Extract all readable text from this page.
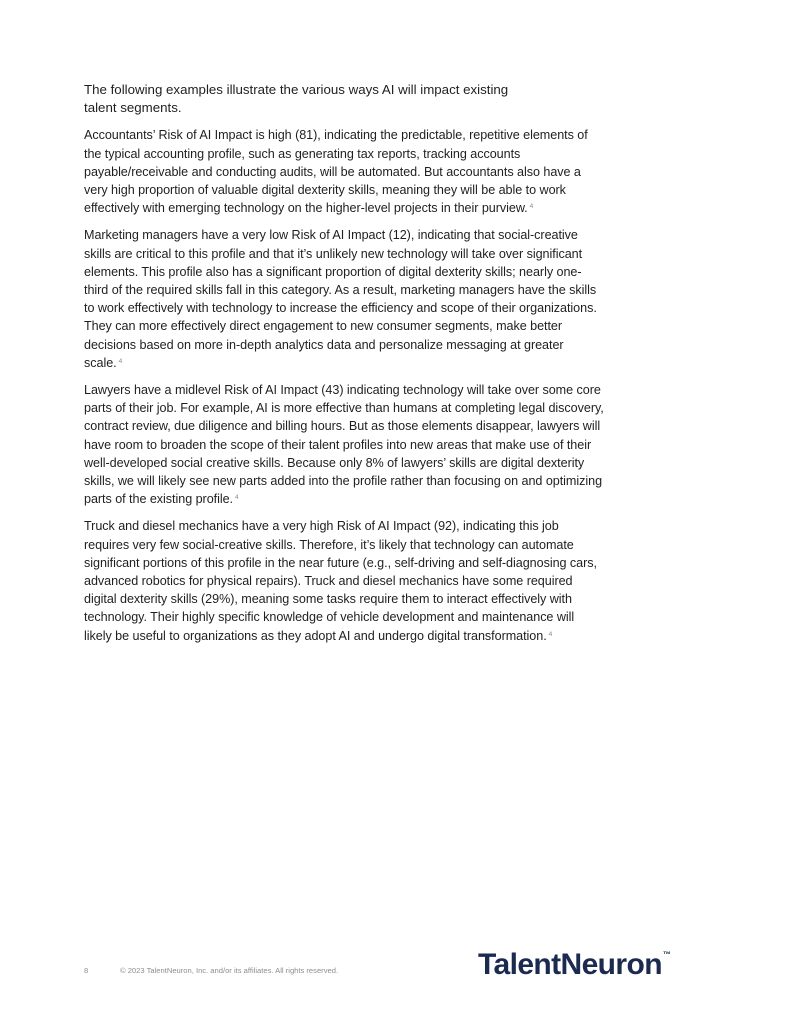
The following examples illustrate the various ways AI will impact existing talent segments.

Accountants’ Risk of AI Impact is high (81), indicating the predictable, repetitive elements of the typical accounting profile, such as generating tax reports, tracking accounts payable/receivable and conducting audits, will be automated. But accountants also have a very high proportion of valuable digital dexterity skills, meaning they will be able to work effectively with emerging technology on the higher-level projects in their purview. $^4$

Marketing managers have a very low Risk of AI Impact (12), indicating that social-creative skills are critical to this profile and that it’s unlikely new technology will take over significant elements. This profile also has a significant proportion of digital dexterity skills; nearly one-third of the required skills fall in this category. As a result, marketing managers have the skills to work effectively with technology to increase the efficiency and scope of their organizations. They can more effectively direct engagement to new consumer segments, make better decisions based on more in-depth analytics data and personalize messaging at greater scale. $^4$

Lawyers have a midlevel Risk of AI Impact (43) indicating technology will take over some core parts of their job. For example, AI is more effective than humans at completing legal discovery, contract review, due diligence and billing hours. But as those elements disappear, lawyers will have room to broaden the scope of their talent profiles into new areas that make use of their well-developed social creative skills. Because only 8% of lawyers’ skills are digital dexterity skills, we will likely see new parts added into the profile rather than focusing on and optimizing parts of the existing profile. $^4$

Truck and diesel mechanics have a very high Risk of AI Impact (92), indicating this job requires very few social-creative skills. Therefore, it’s likely that technology can automate significant portions of this profile in the near future (e.g., self-driving and self-diagnosing cars, advanced robotics for physical repairs). Truck and diesel mechanics have some required digital dexterity skills (29%), meaning some tasks require them to interact effectively with technology. Their highly specific knowledge of vehicle development and maintenance will likely be useful to organizations as they adopt AI and undergo digital transformation. $^4$

8	© 2023 TalentNeuron, Inc. and/or its affiliates. All rights reserved.	TalentNeuron™
